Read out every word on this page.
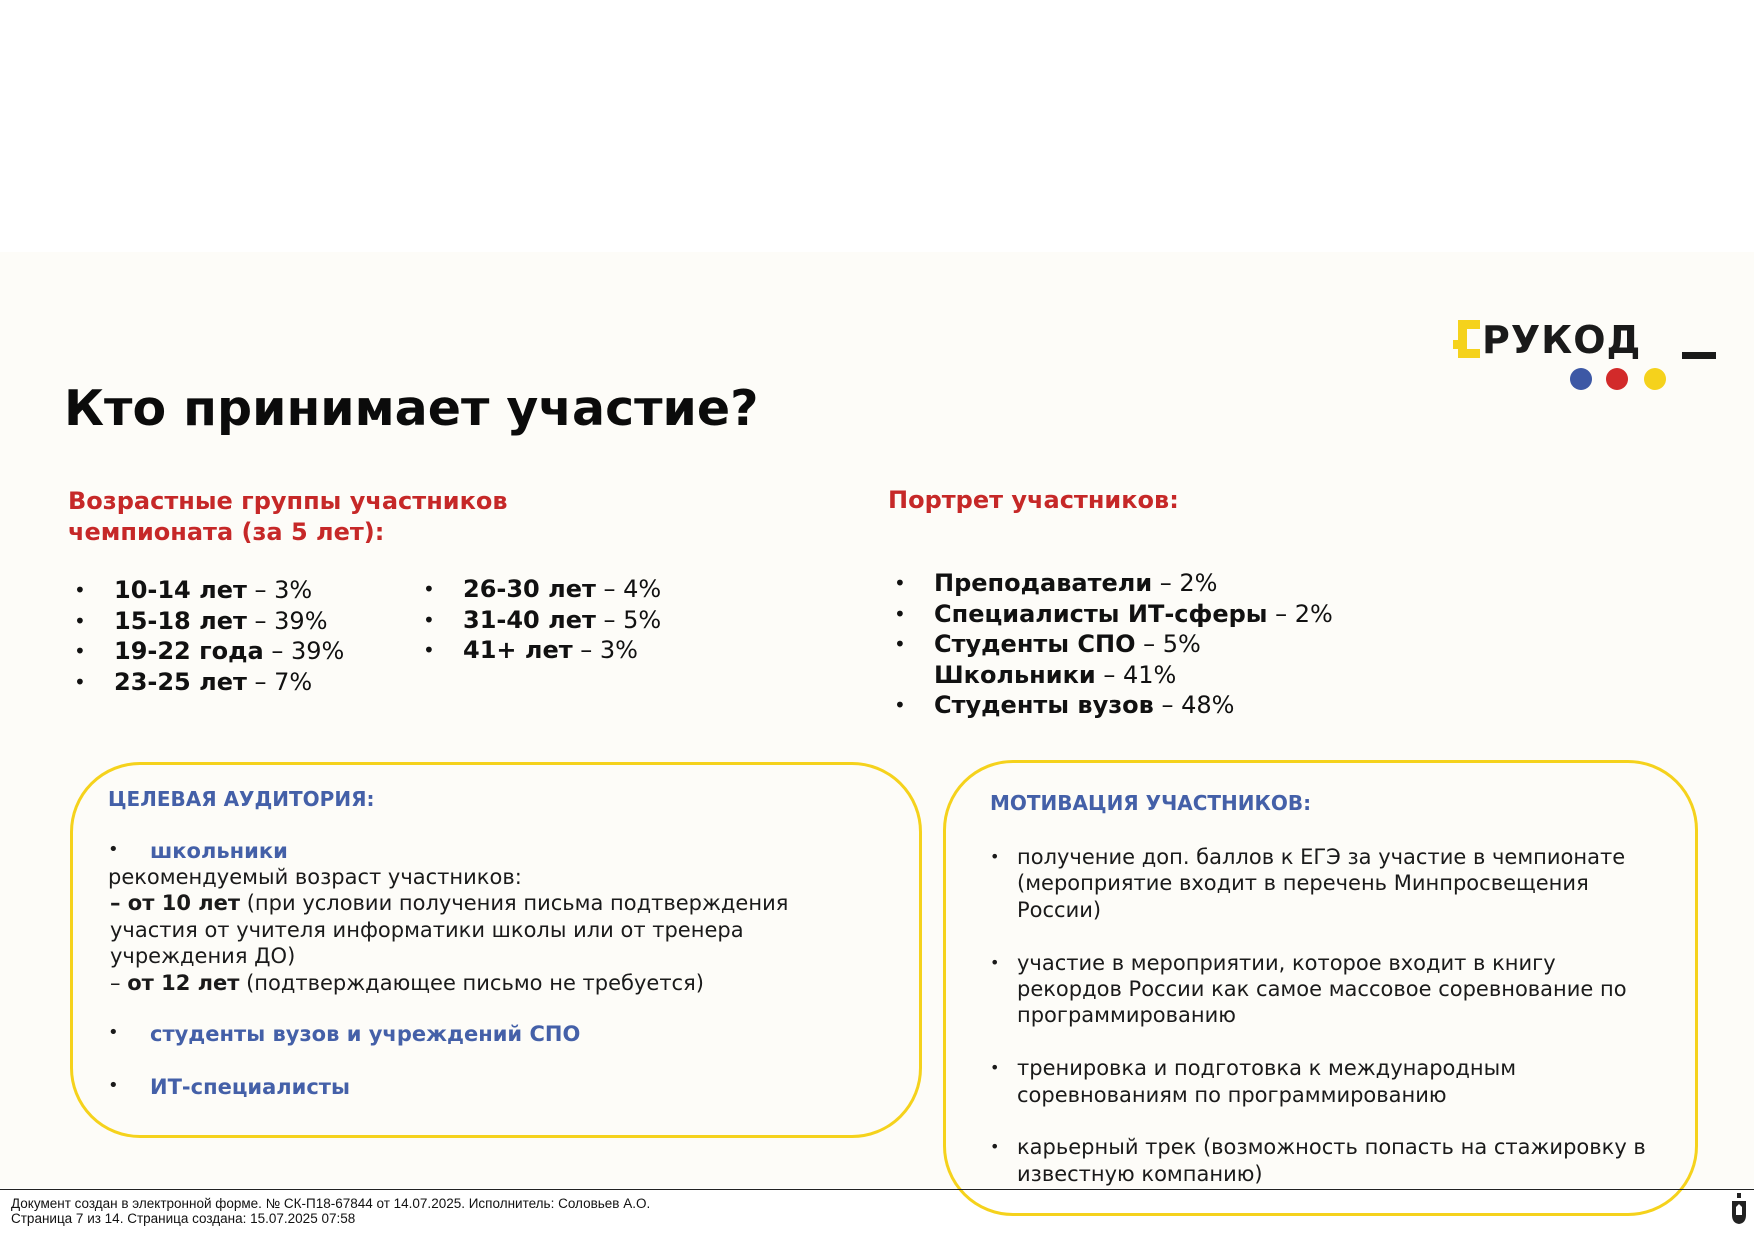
РУКОД
Кто принимает участие?
Возрастные группы участников
чемпионата (за 5 лет):
• 10-14 лет – 3%
• 15-18 лет – 39%
• 19-22 года – 39%
• 23-25 лет – 7%
• 26-30 лет – 4%
• 31-40 лет – 5%
• 41+ лет – 3%
Портрет участников:
• Преподаватели – 2%
• Специалисты ИТ-сферы – 2%
• Студенты СПО – 5%
Школьники – 41%
• Студенты вузов – 48%
ЦЕЛЕВАЯ АУДИТОРИЯ:
• школьники
рекомендуемый возраст участников:
– от 10 лет (при условии получения письма подтверждения
участия от учителя информатики школы или от тренера
учреждения ДО)
– от 12 лет (подтверждающее письмо не требуется)
• студенты вузов и учреждений СПО
• ИТ-специалисты
МОТИВАЦИЯ УЧАСТНИКОВ:
• получение доп. баллов к ЕГЭ за участие в чемпионате (мероприятие входит в перечень Минпросвещения России)
• участие в мероприятии, которое входит в книгу рекордов России как самое массовое соревнование по программированию
• тренировка и подготовка к международным соревнованиям по программированию
• карьерный трек (возможность попасть на стажировку в известную компанию)
Документ создан в электронной форме. № СК-П18-67844 от 14.07.2025. Исполнитель: Соловьев А.О.
Страница 7 из 14. Страница создана: 15.07.2025 07:58
